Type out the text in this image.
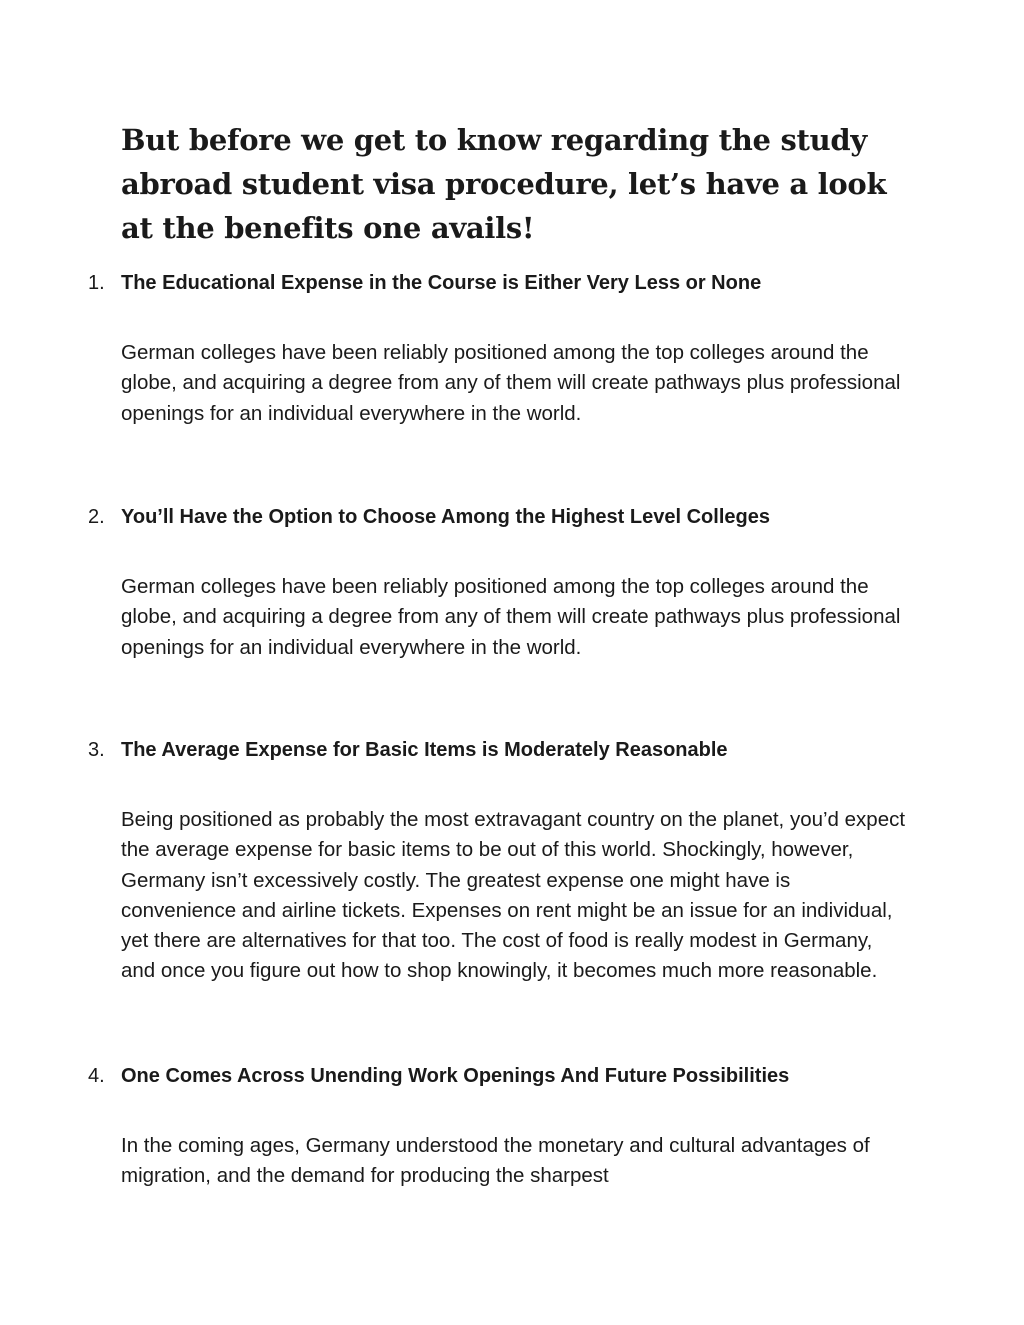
But before we get to know regarding the study abroad student visa procedure, let’s have a look at the benefits one avails!
1. The Educational Expense in the Course is Either Very Less or None

German colleges have been reliably positioned among the top colleges around the globe, and acquiring a degree from any of them will create pathways plus professional openings for an individual everywhere in the world.

2. You’ll Have the Option to Choose Among the Highest Level Colleges

German colleges have been reliably positioned among the top colleges around the globe, and acquiring a degree from any of them will create pathways plus professional openings for an individual everywhere in the world.

3. The Average Expense for Basic Items is Moderately Reasonable

Being positioned as probably the most extravagant country on the planet, you’d expect the average expense for basic items to be out of this world. Shockingly, however, Germany isn’t excessively costly. The greatest expense one might have is convenience and airline tickets. Expenses on rent might be an issue for an individual, yet there are alternatives for that too. The cost of food is really modest in Germany, and once you figure out how to shop knowingly, it becomes much more reasonable.

4. One Comes Across Unending Work Openings And Future Possibilities

In the coming ages, Germany understood the monetary and cultural advantages of migration, and the demand for producing the sharpest
